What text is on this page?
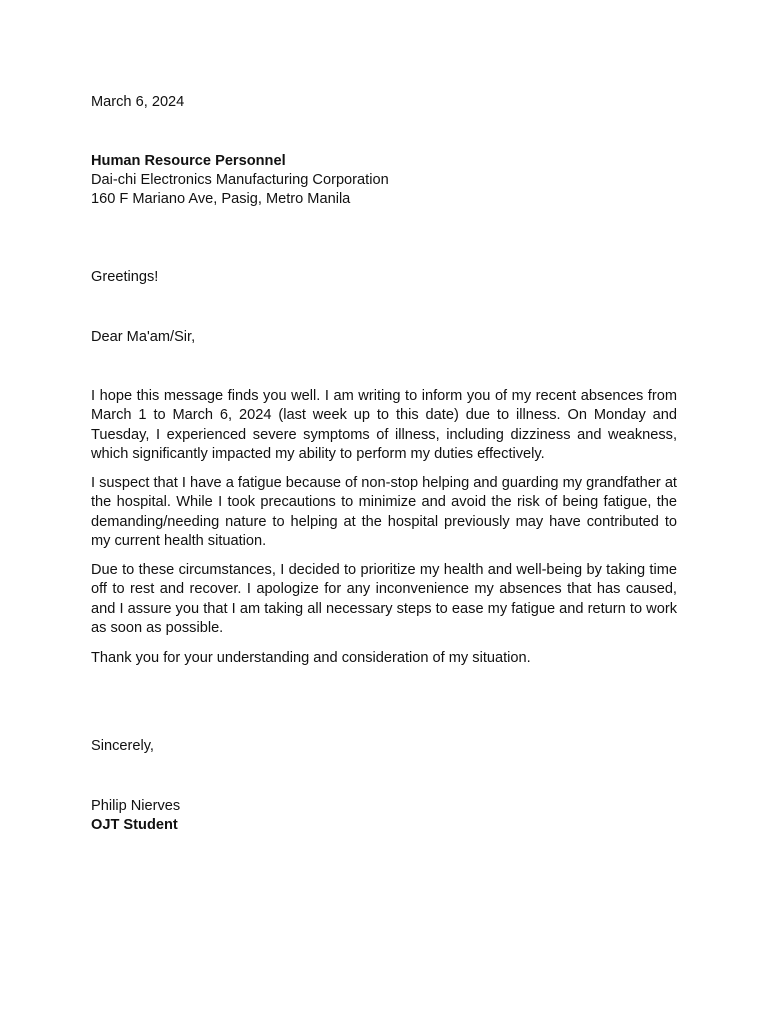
March 6, 2024
Human Resource Personnel
Dai-chi Electronics Manufacturing Corporation
160 F Mariano Ave, Pasig, Metro Manila
Greetings!
Dear Ma'am/Sir,

I hope this message finds you well. I am writing to inform you of my recent absences from March 1 to March 6, 2024 (last week up to this date) due to illness. On Monday and Tuesday, I experienced severe symptoms of illness, including dizziness and weakness, which significantly impacted my ability to perform my duties effectively.

I suspect that I have a fatigue because of non-stop helping and guarding my grandfather at the hospital. While I took precautions to minimize and avoid the risk of being fatigue, the demanding/needing nature to helping at the hospital previously may have contributed to my current health situation.

Due to these circumstances, I decided to prioritize my health and well-being by taking time off to rest and recover. I apologize for any inconvenience my absences that has caused, and I assure you that I am taking all necessary steps to ease my fatigue and return to work as soon as possible.

Thank you for your understanding and consideration of my situation.

Sincerely,
Philip Nierves
OJT Student
